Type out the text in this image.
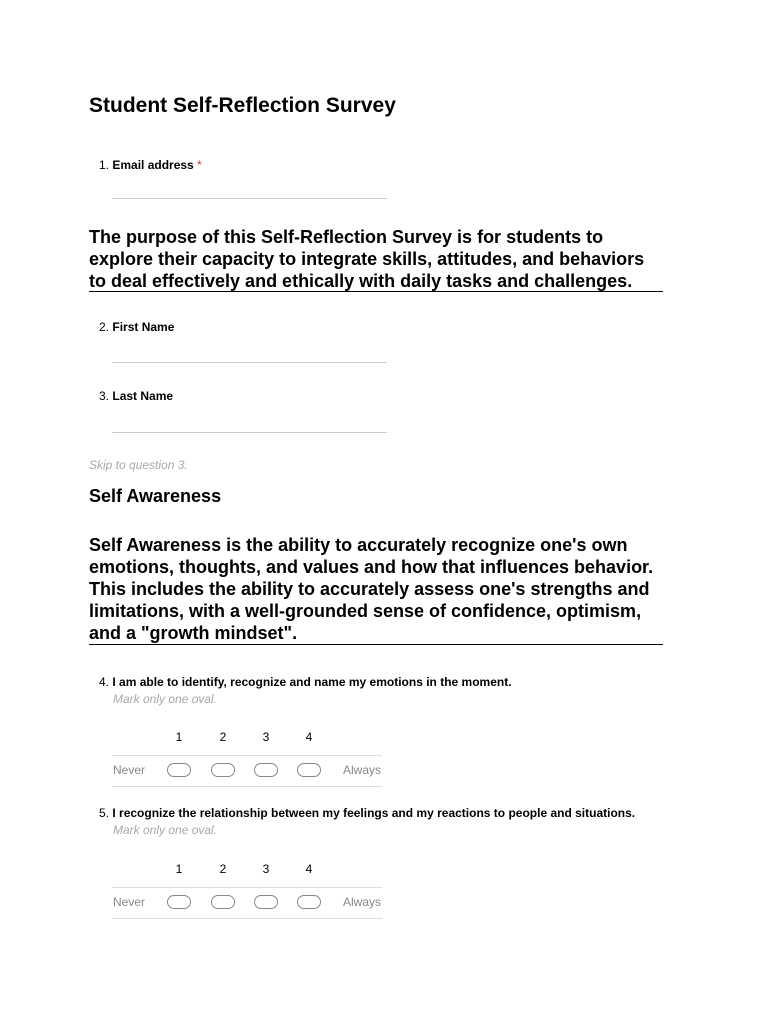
Student Self-Reflection Survey
1. Email address *

The purpose of this Self-Reflection Survey is for students to explore their capacity to integrate skills, attitudes, and behaviors to deal effectively and ethically with daily tasks and challenges.

2. First Name
3. Last Name
Skip to question 3.
Self Awareness

Self Awareness is the ability to accurately recognize one's own emotions, thoughts, and values and how that influences behavior. This includes the ability to accurately assess one's strengths and limitations, with a well-grounded sense of confidence, optimism, and a "growth mindset".

4. I am able to identify, recognize and name my emotions in the moment.
Mark only one oval.
1	2	3	4
Never	Always
5. I recognize the relationship between my feelings and my reactions to people and situations.
Mark only one oval.
1	2	3	4
Never	Always
